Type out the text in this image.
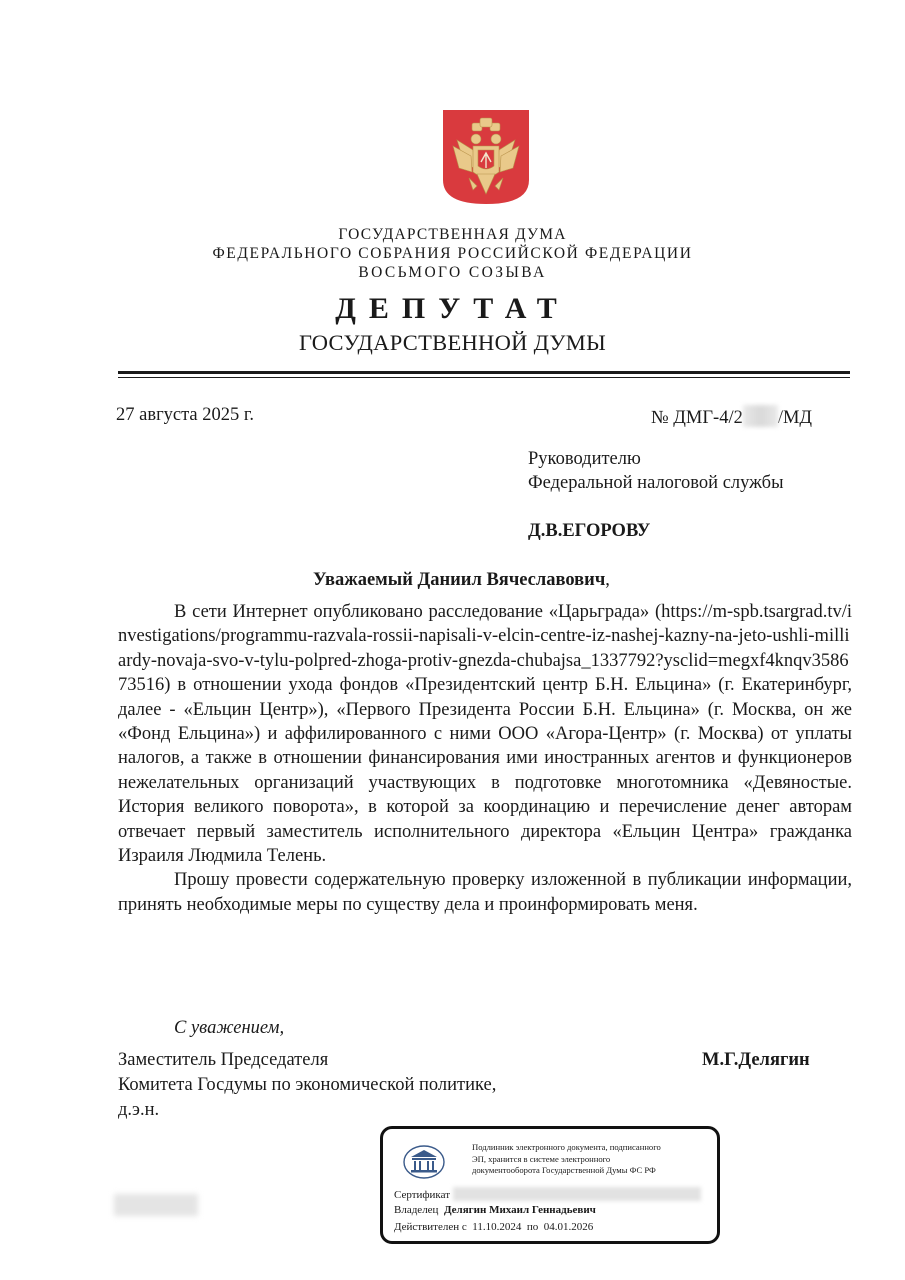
ГОСУДАРСТВЕННАЯ ДУМА
ФЕДЕРАЛЬНОГО СОБРАНИЯ РОССИЙСКОЙ ФЕДЕРАЦИИ
ВОСЬМОГО СОЗЫВА
ДЕПУТАТ
ГОСУДАРСТВЕННОЙ ДУМЫ
27 августа 2025 г.	№ ДМГ-4/2 /МД
Руководителю
Федеральной налоговой службы
Д.В.ЕГОРОВУ
Уважаемый Даниил Вячеславович,

В сети Интернет опубликовано расследование «Царьграда» (https://m-spb.tsargrad.tv/investigations/programmu-razvala-rossii-napisali-v-elcin-centre-iz-nashej-kazny-na-jeto-ushli-milliardy-novaja-svo-v-tylu-polpred-zhoga-protiv-gnezda-chubajsa_1337792?ysclid=megxf4knqv358673516) в отношении ухода фондов «Президентский центр Б.Н. Ельцина» (г. Екатеринбург, далее - «Ельцин Центр»), «Первого Президента России Б.Н. Ельцина» (г. Москва, он же «Фонд Ельцина») и аффилированного с ними ООО «Агора-Центр» (г. Москва) от уплаты налогов, а также в отношении финансирования ими иностранных агентов и функционеров нежелательных организаций участвующих в подготовке многотомника «Девяностые. История великого поворота», в которой за координацию и перечисление денег авторам отвечает первый заместитель исполнительного директора «Ельцин Центра» гражданка Израиля Людмила Телень.

Прошу провести содержательную проверку изложенной в публикации информации, принять необходимые меры по существу дела и проинформировать меня.

С уважением,
Заместитель Председателя
Комитета Госдумы по экономической политике,
д.э.н.
М.Г.Делягин
Подлинник электронного документа, подписанного
ЭП, хранится в системе электронного
документооборота Государственной Думы ФС РФ
Сертификат
Владелец Делягин Михаил Геннадьевич
Действителен с 11.10.2024 по 04.01.2026
